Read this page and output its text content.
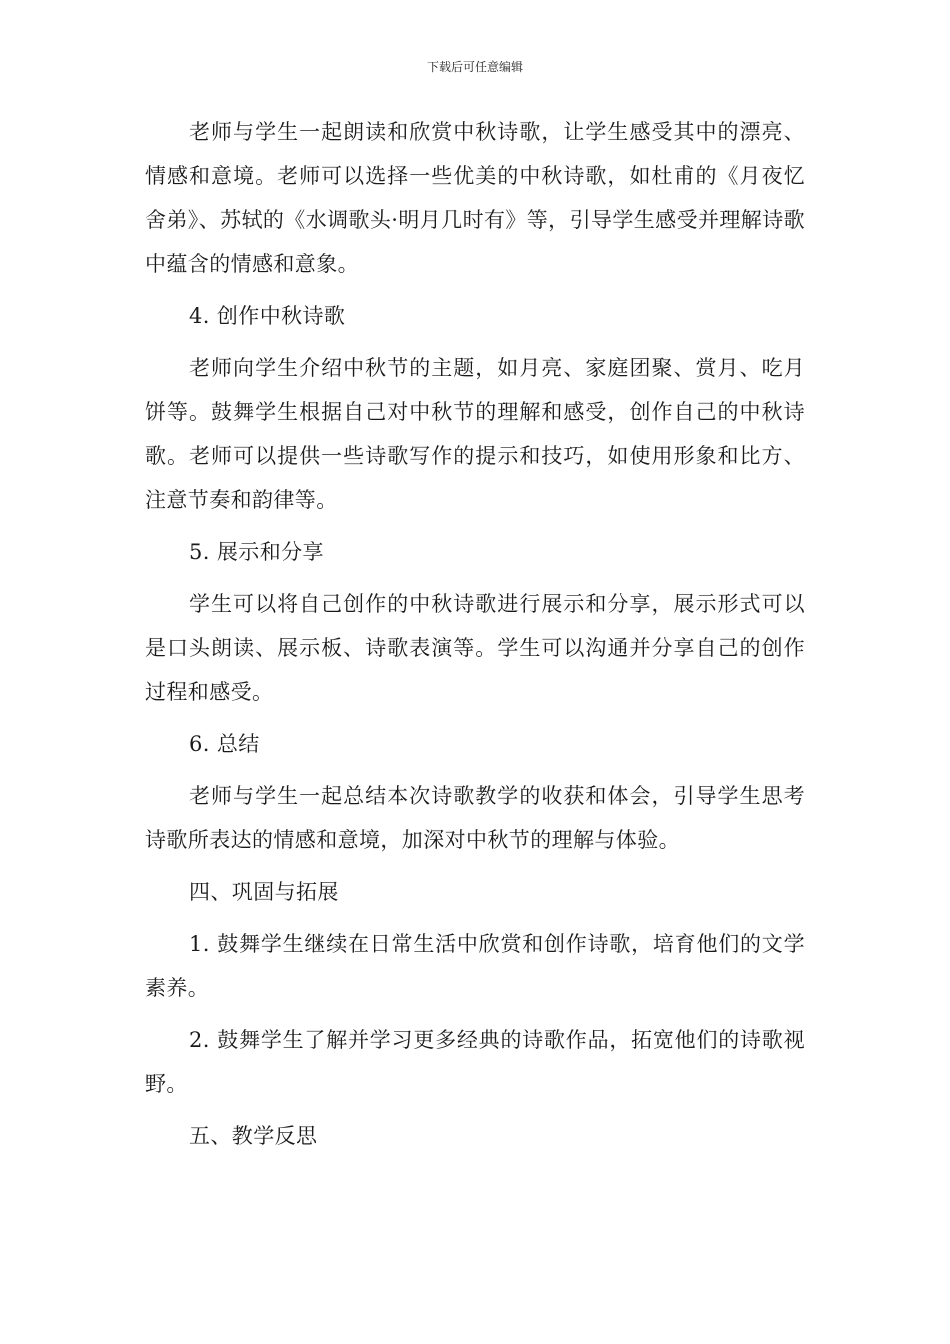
下载后可任意编辑

老师与学生一起朗读和欣赏中秋诗歌，让学生感受其中的漂亮、情感和意境。老师可以选择一些优美的中秋诗歌，如杜甫的《月夜忆舍弟》、苏轼的《水调歌头·明月几时有》等，引导学生感受并理解诗歌中蕴含的情感和意象。

4. 创作中秋诗歌

老师向学生介绍中秋节的主题，如月亮、家庭团聚、赏月、吃月饼等。鼓舞学生根据自己对中秋节的理解和感受，创作自己的中秋诗歌。老师可以提供一些诗歌写作的提示和技巧，如使用形象和比方、注意节奏和韵律等。

5. 展示和分享

学生可以将自己创作的中秋诗歌进行展示和分享，展示形式可以是口头朗读、展示板、诗歌表演等。学生可以沟通并分享自己的创作过程和感受。

6. 总结

老师与学生一起总结本次诗歌教学的收获和体会，引导学生思考诗歌所表达的情感和意境，加深对中秋节的理解与体验。

四、巩固与拓展

1. 鼓舞学生继续在日常生活中欣赏和创作诗歌，培育他们的文学素养。

2. 鼓舞学生了解并学习更多经典的诗歌作品，拓宽他们的诗歌视野。

五、教学反思
